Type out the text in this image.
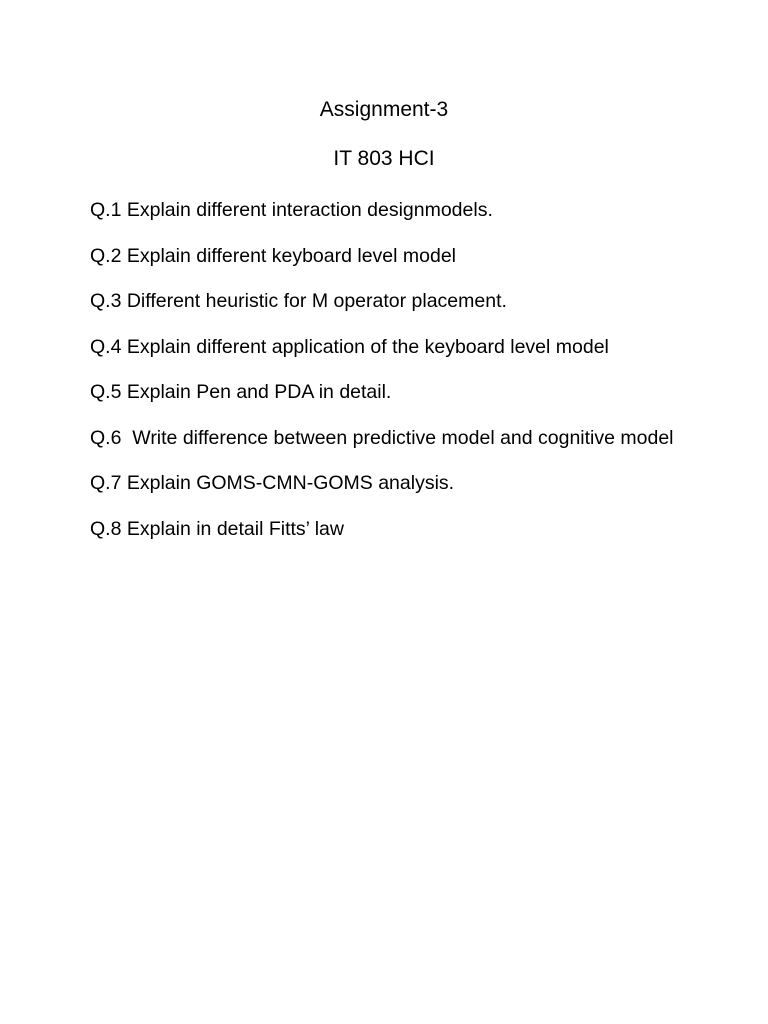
Assignment-3
IT 803 HCI
Q.1 Explain different interaction designmodels.
Q.2 Explain different keyboard level model
Q.3 Different heuristic for M operator placement.
Q.4 Explain different application of the keyboard level model
Q.5 Explain Pen and PDA in detail.
Q.6  Write difference between predictive model and cognitive model
Q.7 Explain GOMS-CMN-GOMS analysis.
Q.8 Explain in detail Fitts’ law
